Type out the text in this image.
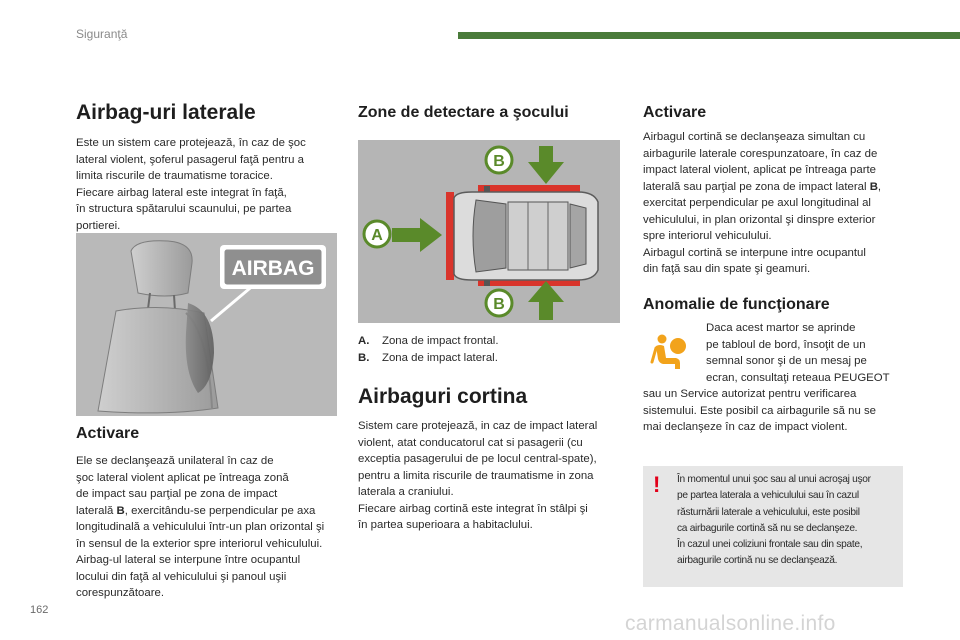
Siguranţă
Airbag-uri laterale

Este un sistem care protejează, în caz de şoc
lateral violent, şoferul pasagerul faţă pentru a
limita riscurile de traumatisme toracice.
Fiecare airbag lateral este integrat în faţă,
în structura spătarului scaunului, pe partea
portierei.

AIRBAG
Activare

Ele se declanşează unilateral în caz de
şoc lateral violent aplicat pe întreaga zonă
de impact sau parţial pe zona de impact
laterală B, exercitându-se perpendicular pe axa
longitudinală a vehiculului într-un plan orizontal şi
în sensul de la exterior spre interiorul vehiculului.
Airbag-ul lateral se interpune între ocupantul
locului din faţă al vehiculului şi panoul uşii
corespunzătoare.

Zone de detectare a şocului
A
B
B
A.	Zona de impact frontal.
B.	Zona de impact lateral.
Airbaguri cortina

Sistem care protejează, in caz de impact lateral
violent, atat conducatorul cat si pasagerii (cu
exceptia pasagerului de pe locul central-spate),
pentru a limita riscurile de traumatisme in zona
laterala a craniului.
Fiecare airbag cortină este integrat în stâlpi şi
în partea superioara a habitaclului.

Activare

Airbagul cortină se declanşeaza simultan cu
airbagurile laterale corespunzatoare, în caz de
impact lateral violent, aplicat pe întreaga parte
laterală sau parţial pe zona de impact lateral B,
exercitat perpendicular pe axul longitudinal al
vehiculului, in plan orizontal şi dinspre exterior
spre interiorul vehiculului.
Airbagul cortină se interpune intre ocupantul
din faţă sau din spate şi geamuri.

Anomalie de funcţionare

Daca acest martor se aprinde
pe tabloul de bord, însoţit de un
semnal sonor şi de un mesaj pe
ecran, consultaţi reteaua PEUGEOT

sau un Service autorizat pentru verificarea
sistemului. Este posibil ca airbagurile să nu se
mai declanşeze în caz de impact violent.

! În momentul unui şoc sau al unui acroşaj uşor
pe partea laterala a vehiculului sau în cazul
răsturnării laterale a vehiculului, este posibil
ca airbagurile cortină să nu se declanşeze.
În cazul unei coliziuni frontale sau din spate,
airbagurile cortină nu se declanşează.
162
carmanualsonline.info
